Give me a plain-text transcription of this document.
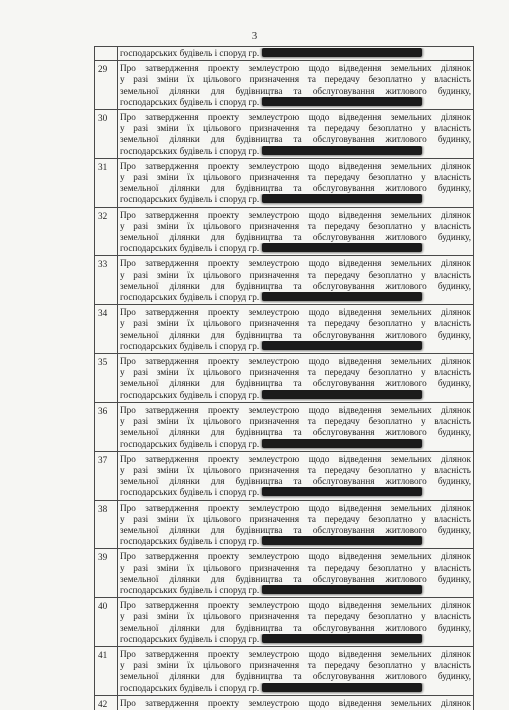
3

	господарських будівель і споруд гр.

29	Про затвердження проекту землеустрою щодо відведення земельних ділянок
у разі зміни їх цільового призначення та передачу безоплатно у власність
земельної ділянки для будівництва та обслуговування житлового будинку,
господарських будівель і споруд гр.

30	Про затвердження проекту землеустрою щодо відведення земельних ділянок
у разі зміни їх цільового призначення та передачу безоплатно у власність
земельної ділянки для будівництва та обслуговування житлового будинку,
господарських будівель і споруд гр.

31	Про затвердження проекту землеустрою щодо відведення земельних ділянок
у разі зміни їх цільового призначення та передачу безоплатно у власність
земельної ділянки для будівництва та обслуговування житлового будинку,
господарських будівель і споруд гр.

32	Про затвердження проекту землеустрою щодо відведення земельних ділянок
у разі зміни їх цільового призначення та передачу безоплатно у власність
земельної ділянки для будівництва та обслуговування житлового будинку,
господарських будівель і споруд гр.

33	Про затвердження проекту землеустрою щодо відведення земельних ділянок
у разі зміни їх цільового призначення та передачу безоплатно у власність
земельної ділянки для будівництва та обслуговування житлового будинку,
господарських будівель і споруд гр.

34	Про затвердження проекту землеустрою щодо відведення земельних ділянок
у разі зміни їх цільового призначення та передачу безоплатно у власність
земельної ділянки для будівництва та обслуговування житлового будинку,
господарських будівель і споруд гр.

35	Про затвердження проекту землеустрою щодо відведення земельних ділянок
у разі зміни їх цільового призначення та передачу безоплатно у власність
земельної ділянки для будівництва та обслуговування житлового будинку,
господарських будівель і споруд гр.

36	Про затвердження проекту землеустрою щодо відведення земельних ділянок
у разі зміни їх цільового призначення та передачу безоплатно у власність
земельної ділянки для будівництва та обслуговування житлового будинку,
господарських будівель і споруд гр.

37	Про затвердження проекту землеустрою щодо відведення земельних ділянок
у разі зміни їх цільового призначення та передачу безоплатно у власність
земельної ділянки для будівництва та обслуговування житлового будинку,
господарських будівель і споруд гр.

38	Про затвердження проекту землеустрою щодо відведення земельних ділянок
у разі зміни їх цільового призначення та передачу безоплатно у власність
земельної ділянки для будівництва та обслуговування житлового будинку,
господарських будівель і споруд гр.

39	Про затвердження проекту землеустрою щодо відведення земельних ділянок
у разі зміни їх цільового призначення та передачу безоплатно у власність
земельної ділянки для будівництва та обслуговування житлового будинку,
господарських будівель і споруд гр.

40	Про затвердження проекту землеустрою щодо відведення земельних ділянок
у разі зміни їх цільового призначення та передачу безоплатно у власність
земельної ділянки для будівництва та обслуговування житлового будинку,
господарських будівель і споруд гр.

41	Про затвердження проекту землеустрою щодо відведення земельних ділянок
у разі зміни їх цільового призначення та передачу безоплатно у власність
земельної ділянки для будівництва та обслуговування житлового будинку,
господарських будівель і споруд гр.

42	Про затвердження проекту землеустрою щодо відведення земельних ділянок
